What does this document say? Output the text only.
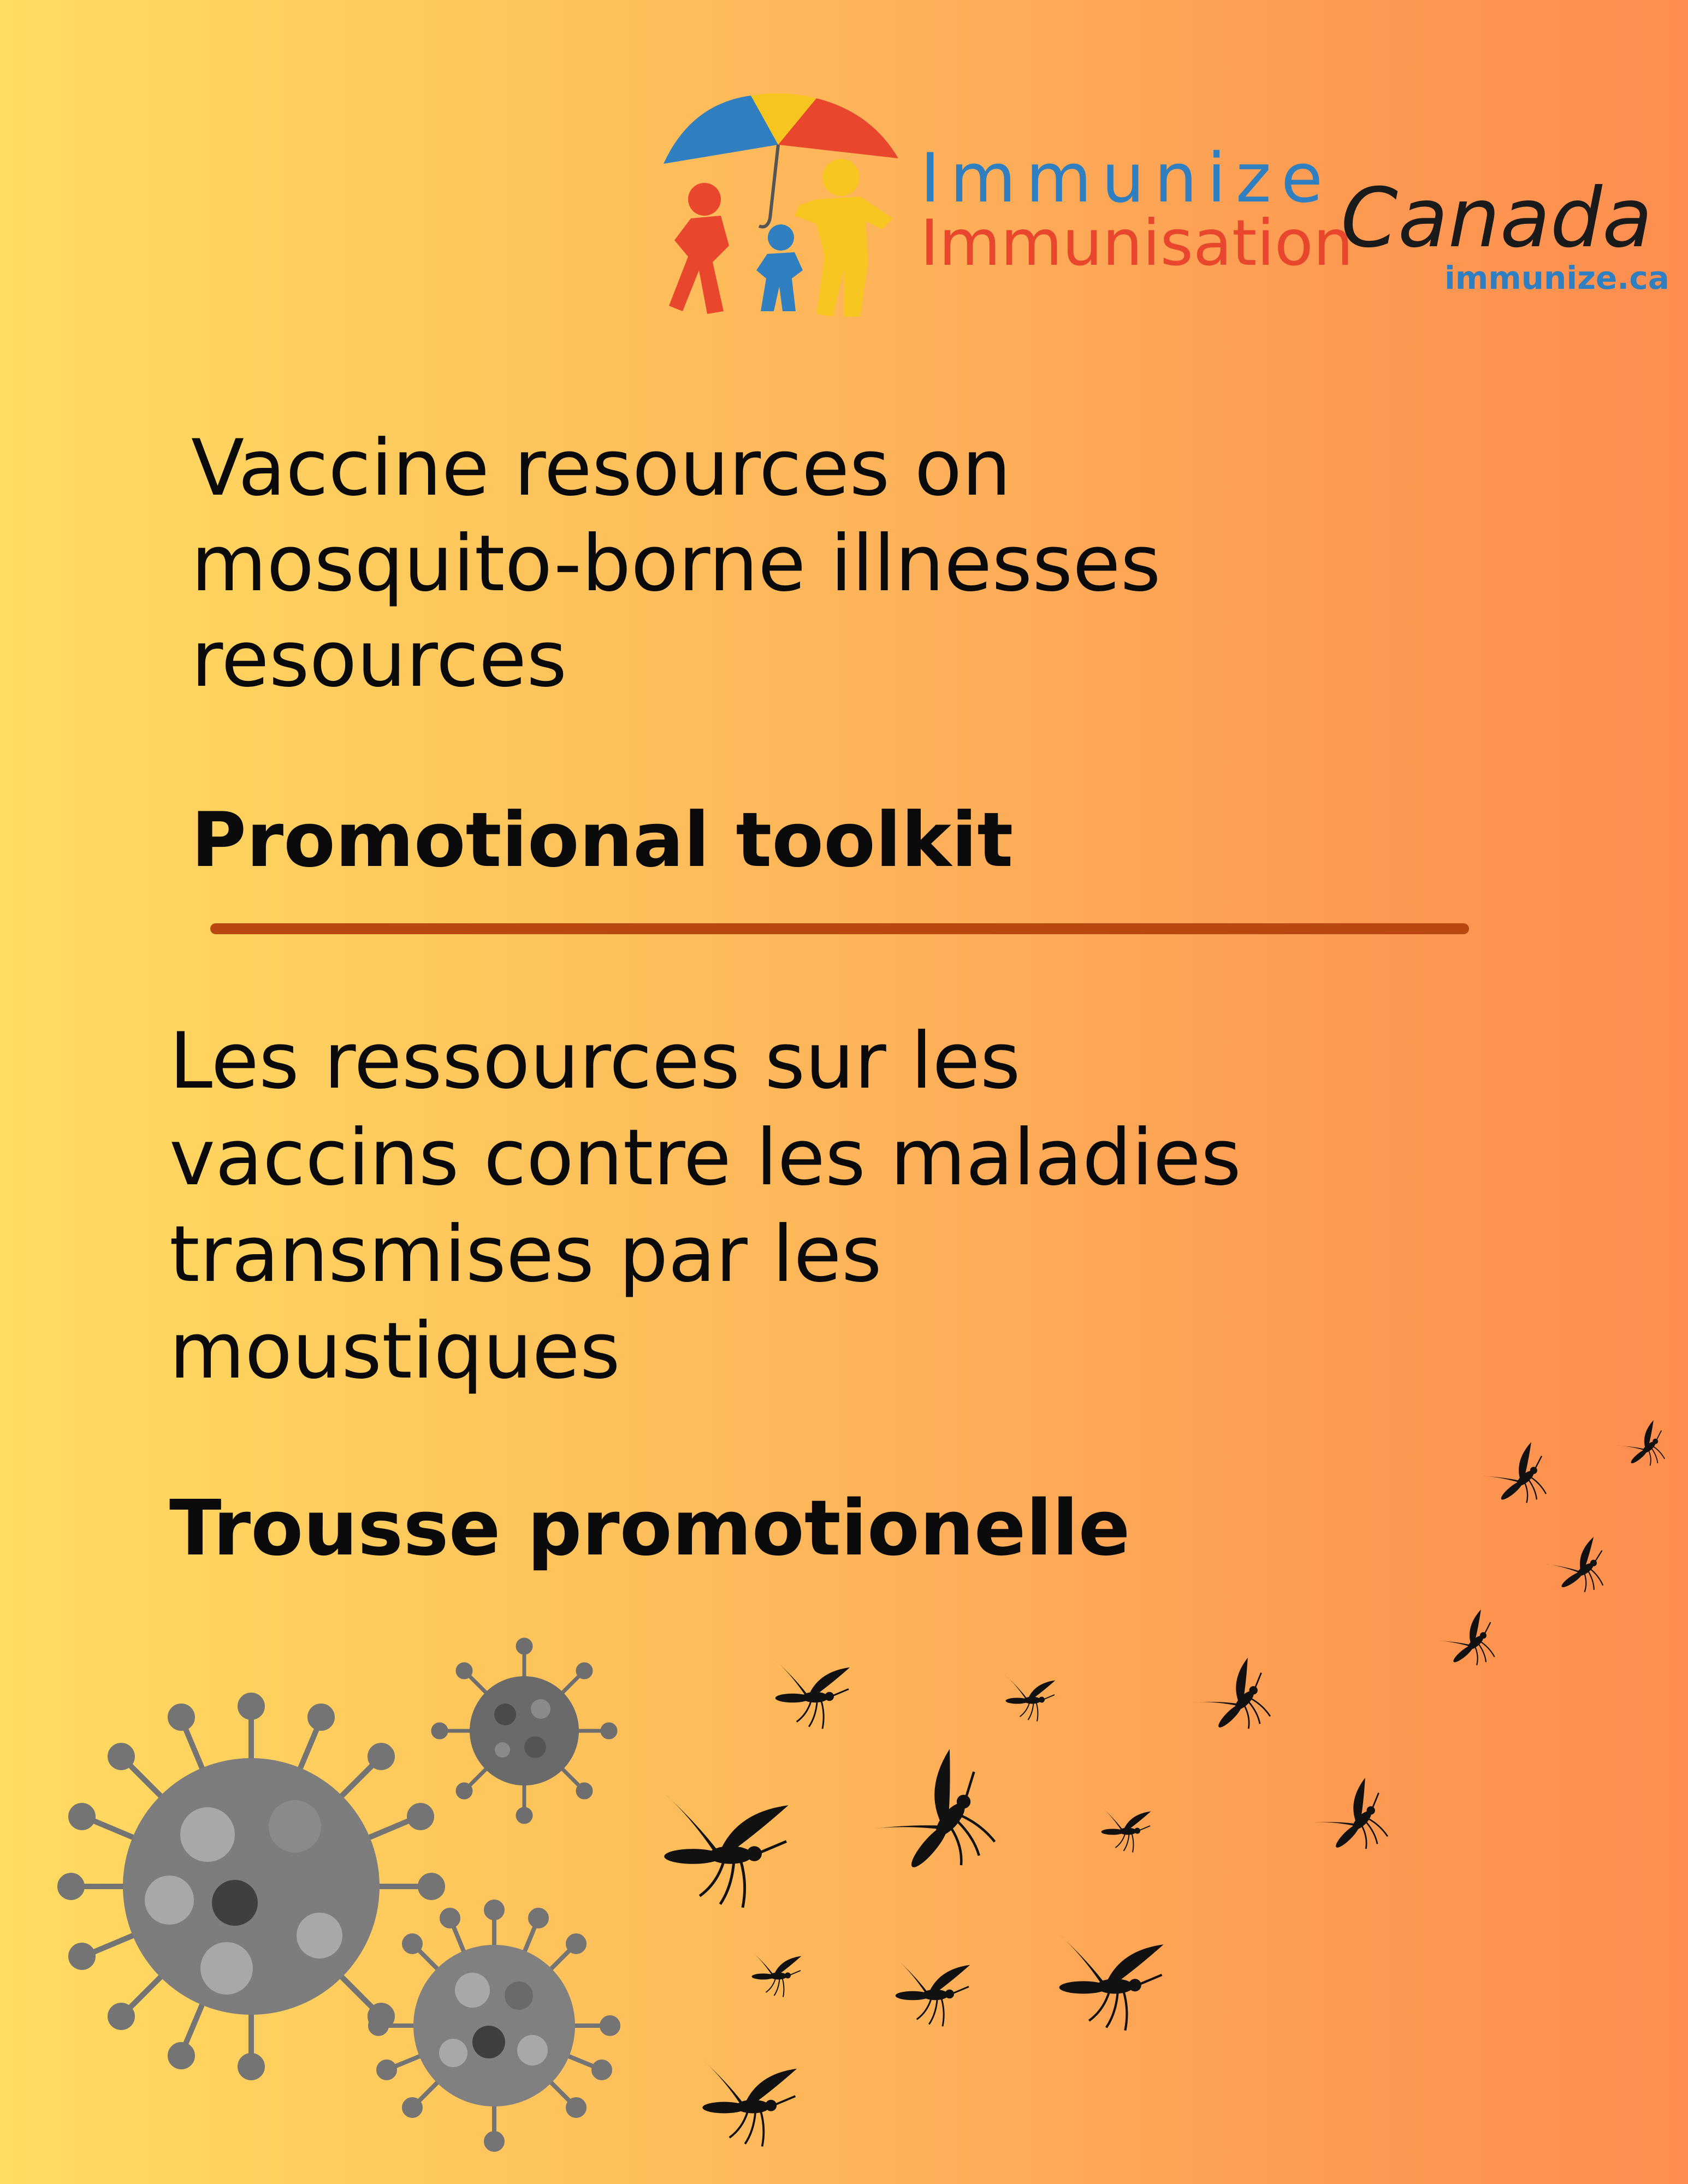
Immunize
Immunisation
Canada
immunize.ca
Vaccine resources on
mosquito-borne illnesses
resources
Promotional toolkit
Les ressources sur les
vaccins contre les maladies
transmises par les
moustiques
Trousse promotionelle
